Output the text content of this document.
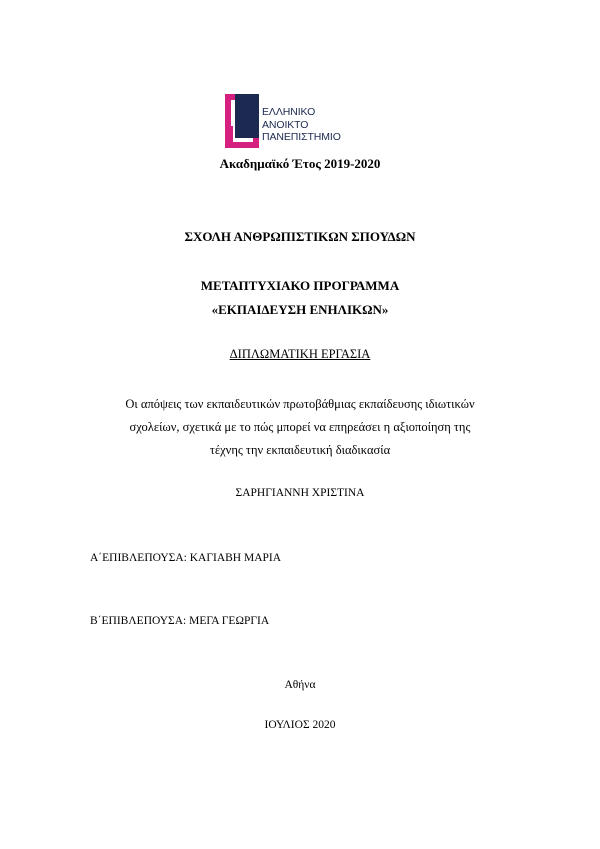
ΕΛΛΗΝΙΚΟ
ΑΝΟΙΚΤΟ
ΠΑΝΕΠΙΣΤΗΜΙΟ
Ακαδημαϊκό Έτος 2019-2020
ΣΧΟΛΗ ΑΝΘΡΩΠΙΣΤΙΚΩΝ ΣΠΟΥΔΩΝ
ΜΕΤΑΠΤΥΧΙΑΚΟ ΠΡΟΓΡΑΜΜΑ
«ΕΚΠΑΙΔΕΥΣΗ ΕΝΗΛΙΚΩΝ»
ΔΙΠΛΩΜΑΤΙΚΗ ΕΡΓΑΣΙΑ
Οι απόψεις των εκπαιδευτικών πρωτοβάθμιας εκπαίδευσης ιδιωτικών
σχολείων, σχετικά με το πώς μπορεί να επηρεάσει η αξιοποίηση της
τέχνης την εκπαιδευτική διαδικασία
ΣΑΡΗΓΙΑΝΝΗ ΧΡΙΣΤΙΝΑ
Α΄ΕΠΙΒΛΕΠΟΥΣΑ: ΚΑΓΙΑΒΗ ΜΑΡΙΑ
Β΄ΕΠΙΒΛΕΠΟΥΣΑ: ΜΕΓΑ ΓΕΩΡΓΙΑ
Αθήνα
ΙΟΥΛΙΟΣ 2020
